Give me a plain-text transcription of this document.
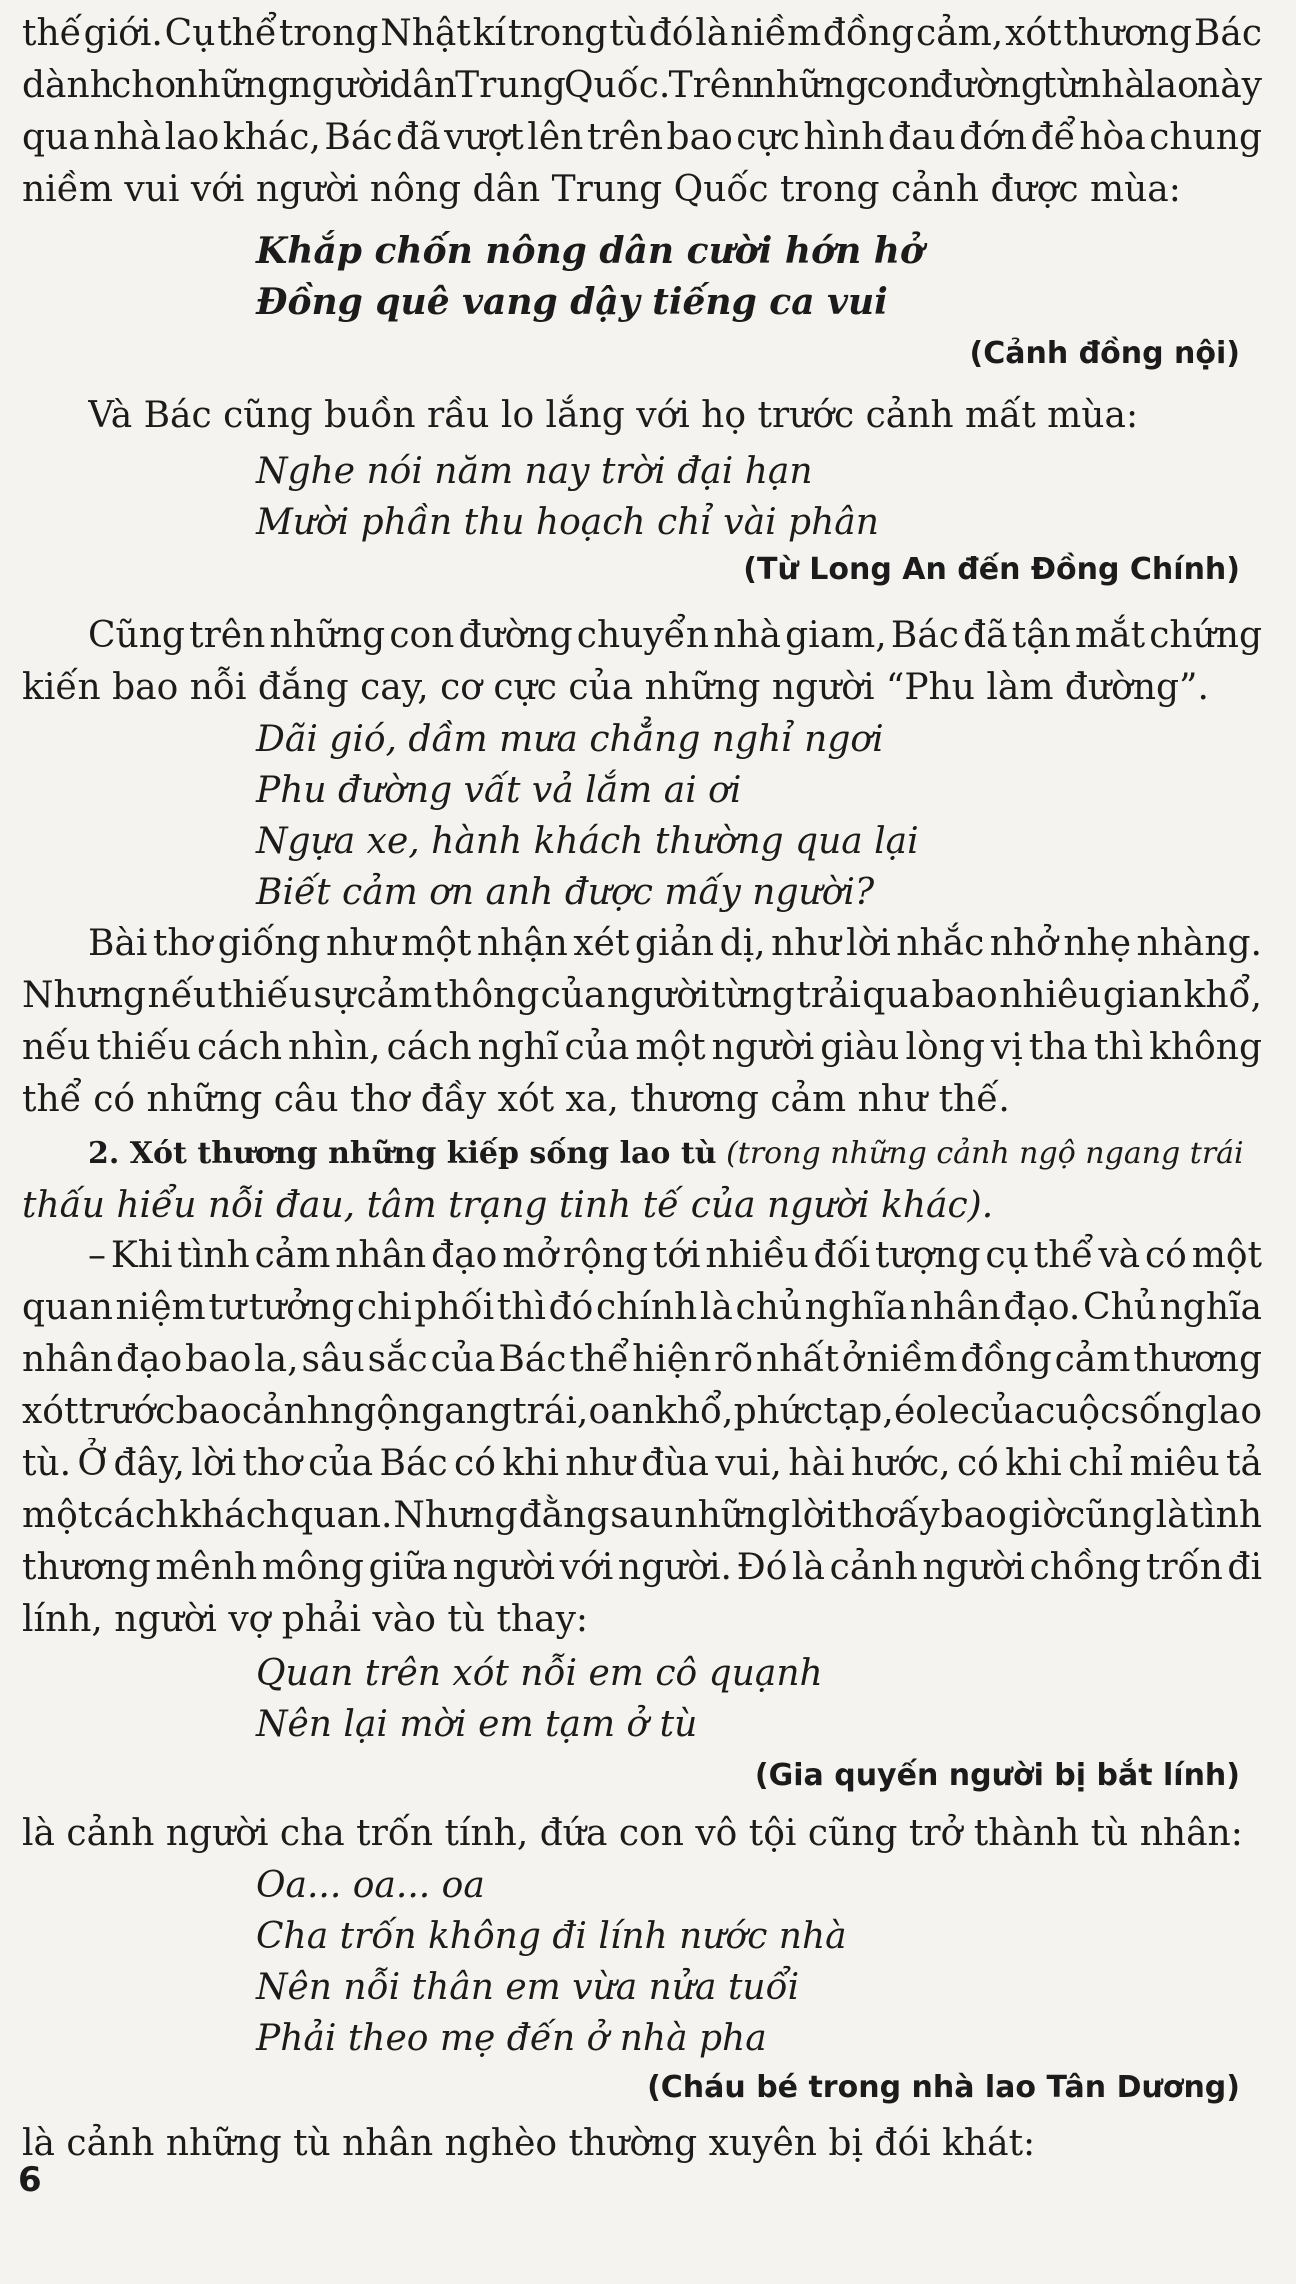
thế giới. Cụ thể trong Nhật kí trong tù đó là niềm đồng cảm, xót thương Bác
dành cho những người dân Trung Quốc. Trên những con đường từ nhà lao này
qua nhà lao khác, Bác đã vượt lên trên bao cực hình đau đớn để hòa chung
niềm vui với người nông dân Trung Quốc trong cảnh được mùa:
Khắp chốn nông dân cười hớn hở
Đồng quê vang dậy tiếng ca vui
(Cảnh đồng nội)
Và Bác cũng buồn rầu lo lắng với họ trước cảnh mất mùa:
Nghe nói năm nay trời đại hạn
Mười phần thu hoạch chỉ vài phân
(Từ Long An đến Đồng Chính)
Cũng trên những con đường chuyển nhà giam, Bác đã tận mắt chứng
kiến bao nỗi đắng cay, cơ cực của những người “Phu làm đường”.
Dãi gió, dầm mưa chẳng nghỉ ngơi
Phu đường vất vả lắm ai ơi
Ngựa xe, hành khách thường qua lại
Biết cảm ơn anh được mấy người?
Bài thơ giống như một nhận xét giản dị, như lời nhắc nhở nhẹ nhàng.
Nhưng nếu thiếu sự cảm thông của người từng trải qua bao nhiêu gian khổ,
nếu thiếu cách nhìn, cách nghĩ của một người giàu lòng vị tha thì không
thể có những câu thơ đầy xót xa, thương cảm như thế.
2. Xót thương những kiếp sống lao tù (trong những cảnh ngộ ngang trái
thấu hiểu nỗi đau, tâm trạng tinh tế của người khác).
– Khi tình cảm nhân đạo mở rộng tới nhiều đối tượng cụ thể và có một
quan niệm tư tưởng chi phối thì đó chính là chủ nghĩa nhân đạo. Chủ nghĩa
nhân đạo bao la, sâu sắc của Bác thể hiện rõ nhất ở niềm đồng cảm thương
xót trước bao cảnh ngộ ngang trái, oan khổ, phức tạp, éo le của cuộc sống lao
tù. Ở đây, lời thơ của Bác có khi như đùa vui, hài hước, có khi chỉ miêu tả
một cách khách quan. Nhưng đằng sau những lời thơ ấy bao giờ cũng là tình
thương mênh mông giữa người với người. Đó là cảnh người chồng trốn đi
lính, người vợ phải vào tù thay:
Quan trên xót nỗi em cô quạnh
Nên lại mời em tạm ở tù
(Gia quyến người bị bắt lính)
là cảnh người cha trốn tính, đứa con vô tội cũng trở thành tù nhân:
Oa... oa... oa
Cha trốn không đi lính nước nhà
Nên nỗi thân em vừa nửa tuổi
Phải theo mẹ đến ở nhà pha
(Cháu bé trong nhà lao Tân Dương)
là cảnh những tù nhân nghèo thường xuyên bị đói khát:
6
